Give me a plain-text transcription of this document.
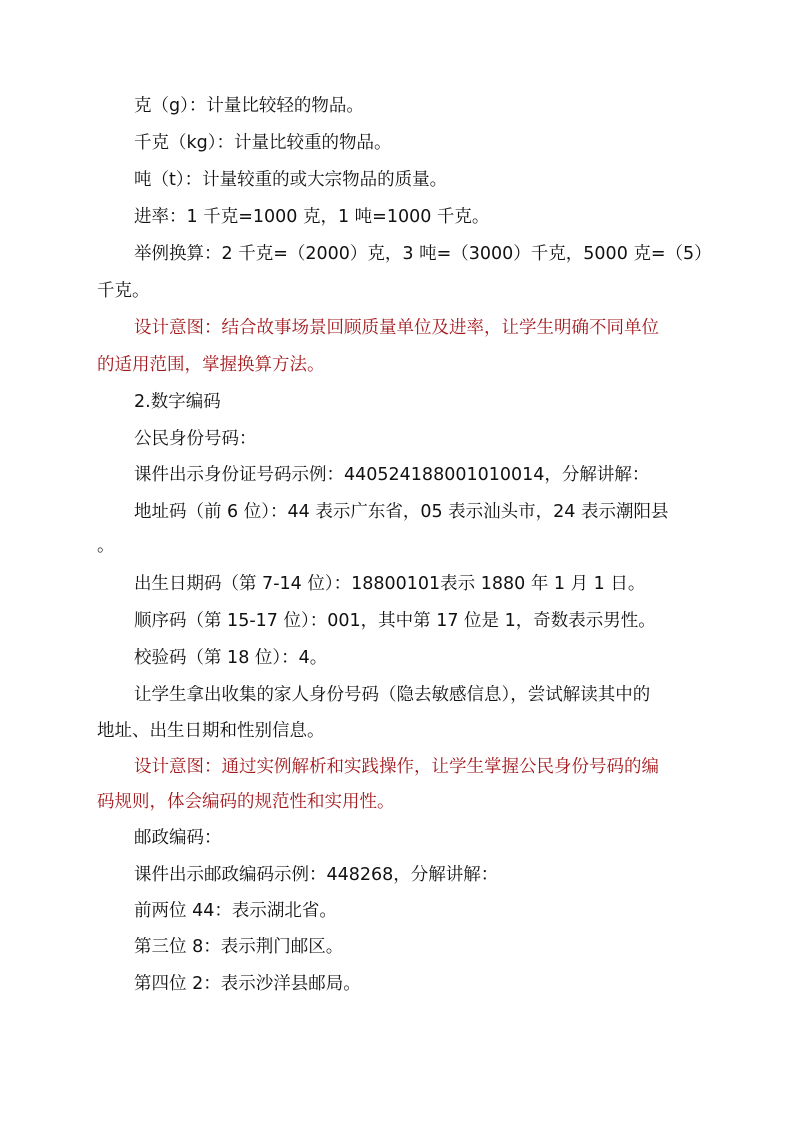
克（g）：计量比较轻的物品。
千克（kg）：计量比较重的物品。
吨（t）：计量较重的或大宗物品的质量。
进率：1 千克=1000 克，1 吨=1000 千克。
举例换算：2 千克=（2000）克，3 吨=（3000）千克，5000 克=（5）
千克。
设计意图：结合故事场景回顾质量单位及进率，让学生明确不同单位
的适用范围，掌握换算方法。
2.数字编码
公民身份号码：
课件出示身份证号码示例：440524188001010014，分解讲解：
地址码（前 6 位）：44 表示广东省，05 表示汕头市，24 表示潮阳县
。
出生日期码（第 7-14 位）：18800101表示 1880 年 1 月 1 日。
顺序码（第 15-17 位）：001，其中第 17 位是 1，奇数表示男性。
校验码（第 18 位）：4。
让学生拿出收集的家人身份号码（隐去敏感信息），尝试解读其中的
地址、出生日期和性别信息。
设计意图：通过实例解析和实践操作，让学生掌握公民身份号码的编
码规则，体会编码的规范性和实用性。
邮政编码：
课件出示邮政编码示例：448268，分解讲解：
前两位 44：表示湖北省。
第三位 8：表示荆门邮区。
第四位 2：表示沙洋县邮局。
